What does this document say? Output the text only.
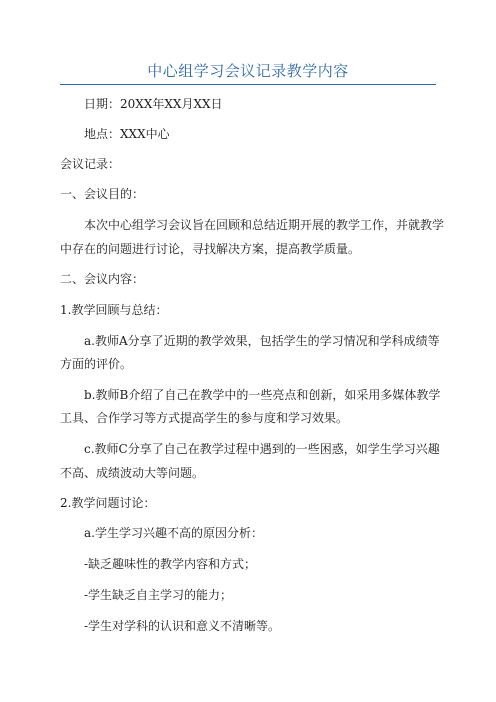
中心组学习会议记录教学内容
日期：20XX年XX月XX日
地点：XXX中心
会议记录：
一、会议目的：
本次中心组学习会议旨在回顾和总结近期开展的教学工作，并就教学
中存在的问题进行讨论，寻找解决方案，提高教学质量。
二、会议内容：
1.教学回顾与总结：
a.教师A分享了近期的教学效果，包括学生的学习情况和学科成绩等
方面的评价。
b.教师B介绍了自己在教学中的一些亮点和创新，如采用多媒体教学
工具、合作学习等方式提高学生的参与度和学习效果。
c.教师C分享了自己在教学过程中遇到的一些困惑，如学生学习兴趣
不高、成绩波动大等问题。
2.教学问题讨论：
a.学生学习兴趣不高的原因分析：
-缺乏趣味性的教学内容和方式；
-学生缺乏自主学习的能力；
-学生对学科的认识和意义不清晰等。
